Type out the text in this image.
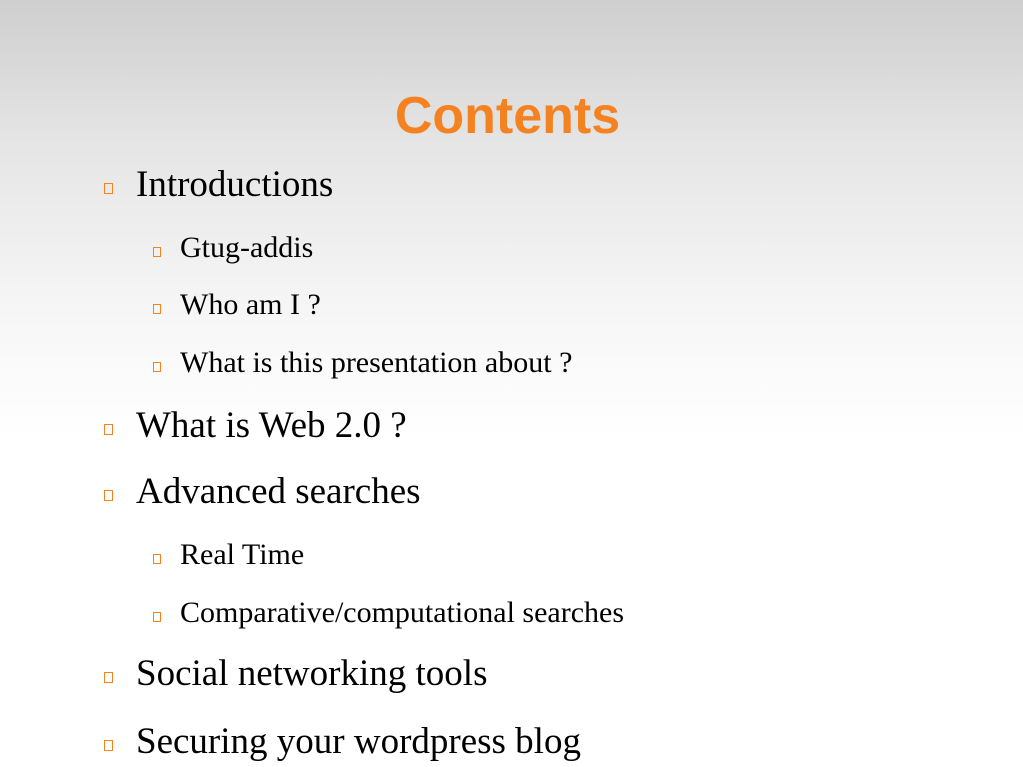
Contents
Introductions
Gtug-addis
Who am I ?
What is this presentation about ?
What is Web 2.0 ?
Advanced searches
Real Time
Comparative/computational searches
Social networking tools
Securing your wordpress blog
